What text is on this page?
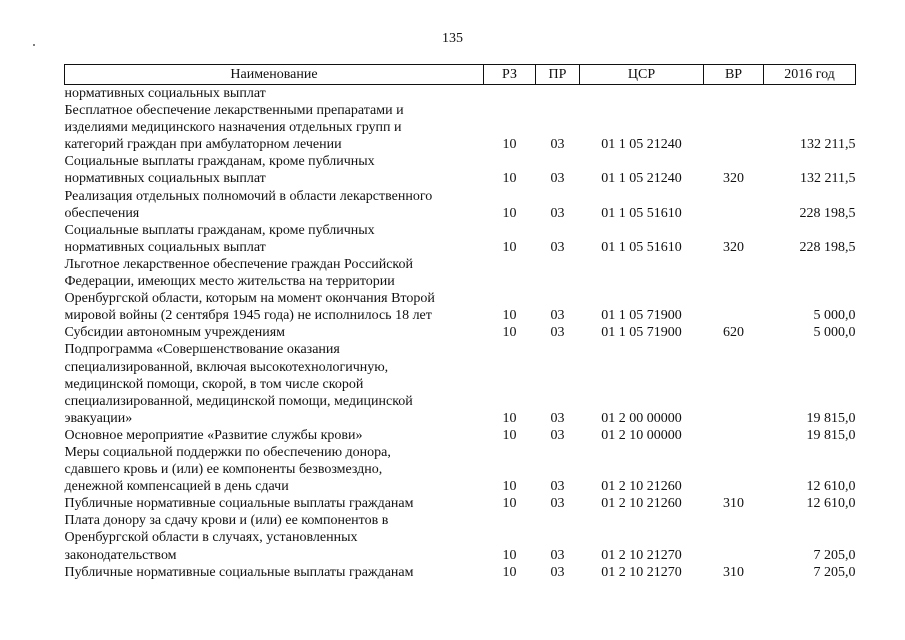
135
Наименование	РЗ	ПР	ЦСР	ВР	2016 год
нормативных социальных выплат					
Бесплатное обеспечение лекарственными препаратами и
изделиями медицинского назначения отдельных групп и
категорий граждан при амбулаторном лечении	10	03	01 1 05 21240		132 211,5
Социальные выплаты гражданам, кроме публичных
нормативных социальных выплат	10	03	01 1 05 21240	320	132 211,5
Реализация отдельных полномочий в области лекарственного
обеспечения	10	03	01 1 05 51610		228 198,5
Социальные выплаты гражданам, кроме публичных
нормативных социальных выплат	10	03	01 1 05 51610	320	228 198,5
Льготное лекарственное обеспечение граждан Российской
Федерации, имеющих место жительства на территории
Оренбургской области, которым на момент окончания Второй
мировой войны (2 сентября 1945 года) не исполнилось 18 лет	10	03	01 1 05 71900		5 000,0
Субсидии автономным учреждениям	10	03	01 1 05 71900	620	5 000,0
Подпрограмма «Совершенствование оказания
специализированной, включая высокотехнологичную,
медицинской помощи, скорой, в том числе скорой
специализированной, медицинской помощи, медицинской
эвакуации»	10	03	01 2 00 00000		19 815,0
Основное мероприятие «Развитие службы крови»	10	03	01 2 10 00000		19 815,0
Меры социальной поддержки по обеспечению донора,
сдавшего кровь и (или) ее компоненты безвозмездно,
денежной компенсацией в день сдачи	10	03	01 2 10 21260		12 610,0
Публичные нормативные социальные выплаты гражданам	10	03	01 2 10 21260	310	12 610,0
Плата донору за сдачу крови и (или) ее компонентов в
Оренбургской области в случаях, установленных
законодательством	10	03	01 2 10 21270		7 205,0
Публичные нормативные социальные выплаты гражданам	10	03	01 2 10 21270	310	7 205,0
